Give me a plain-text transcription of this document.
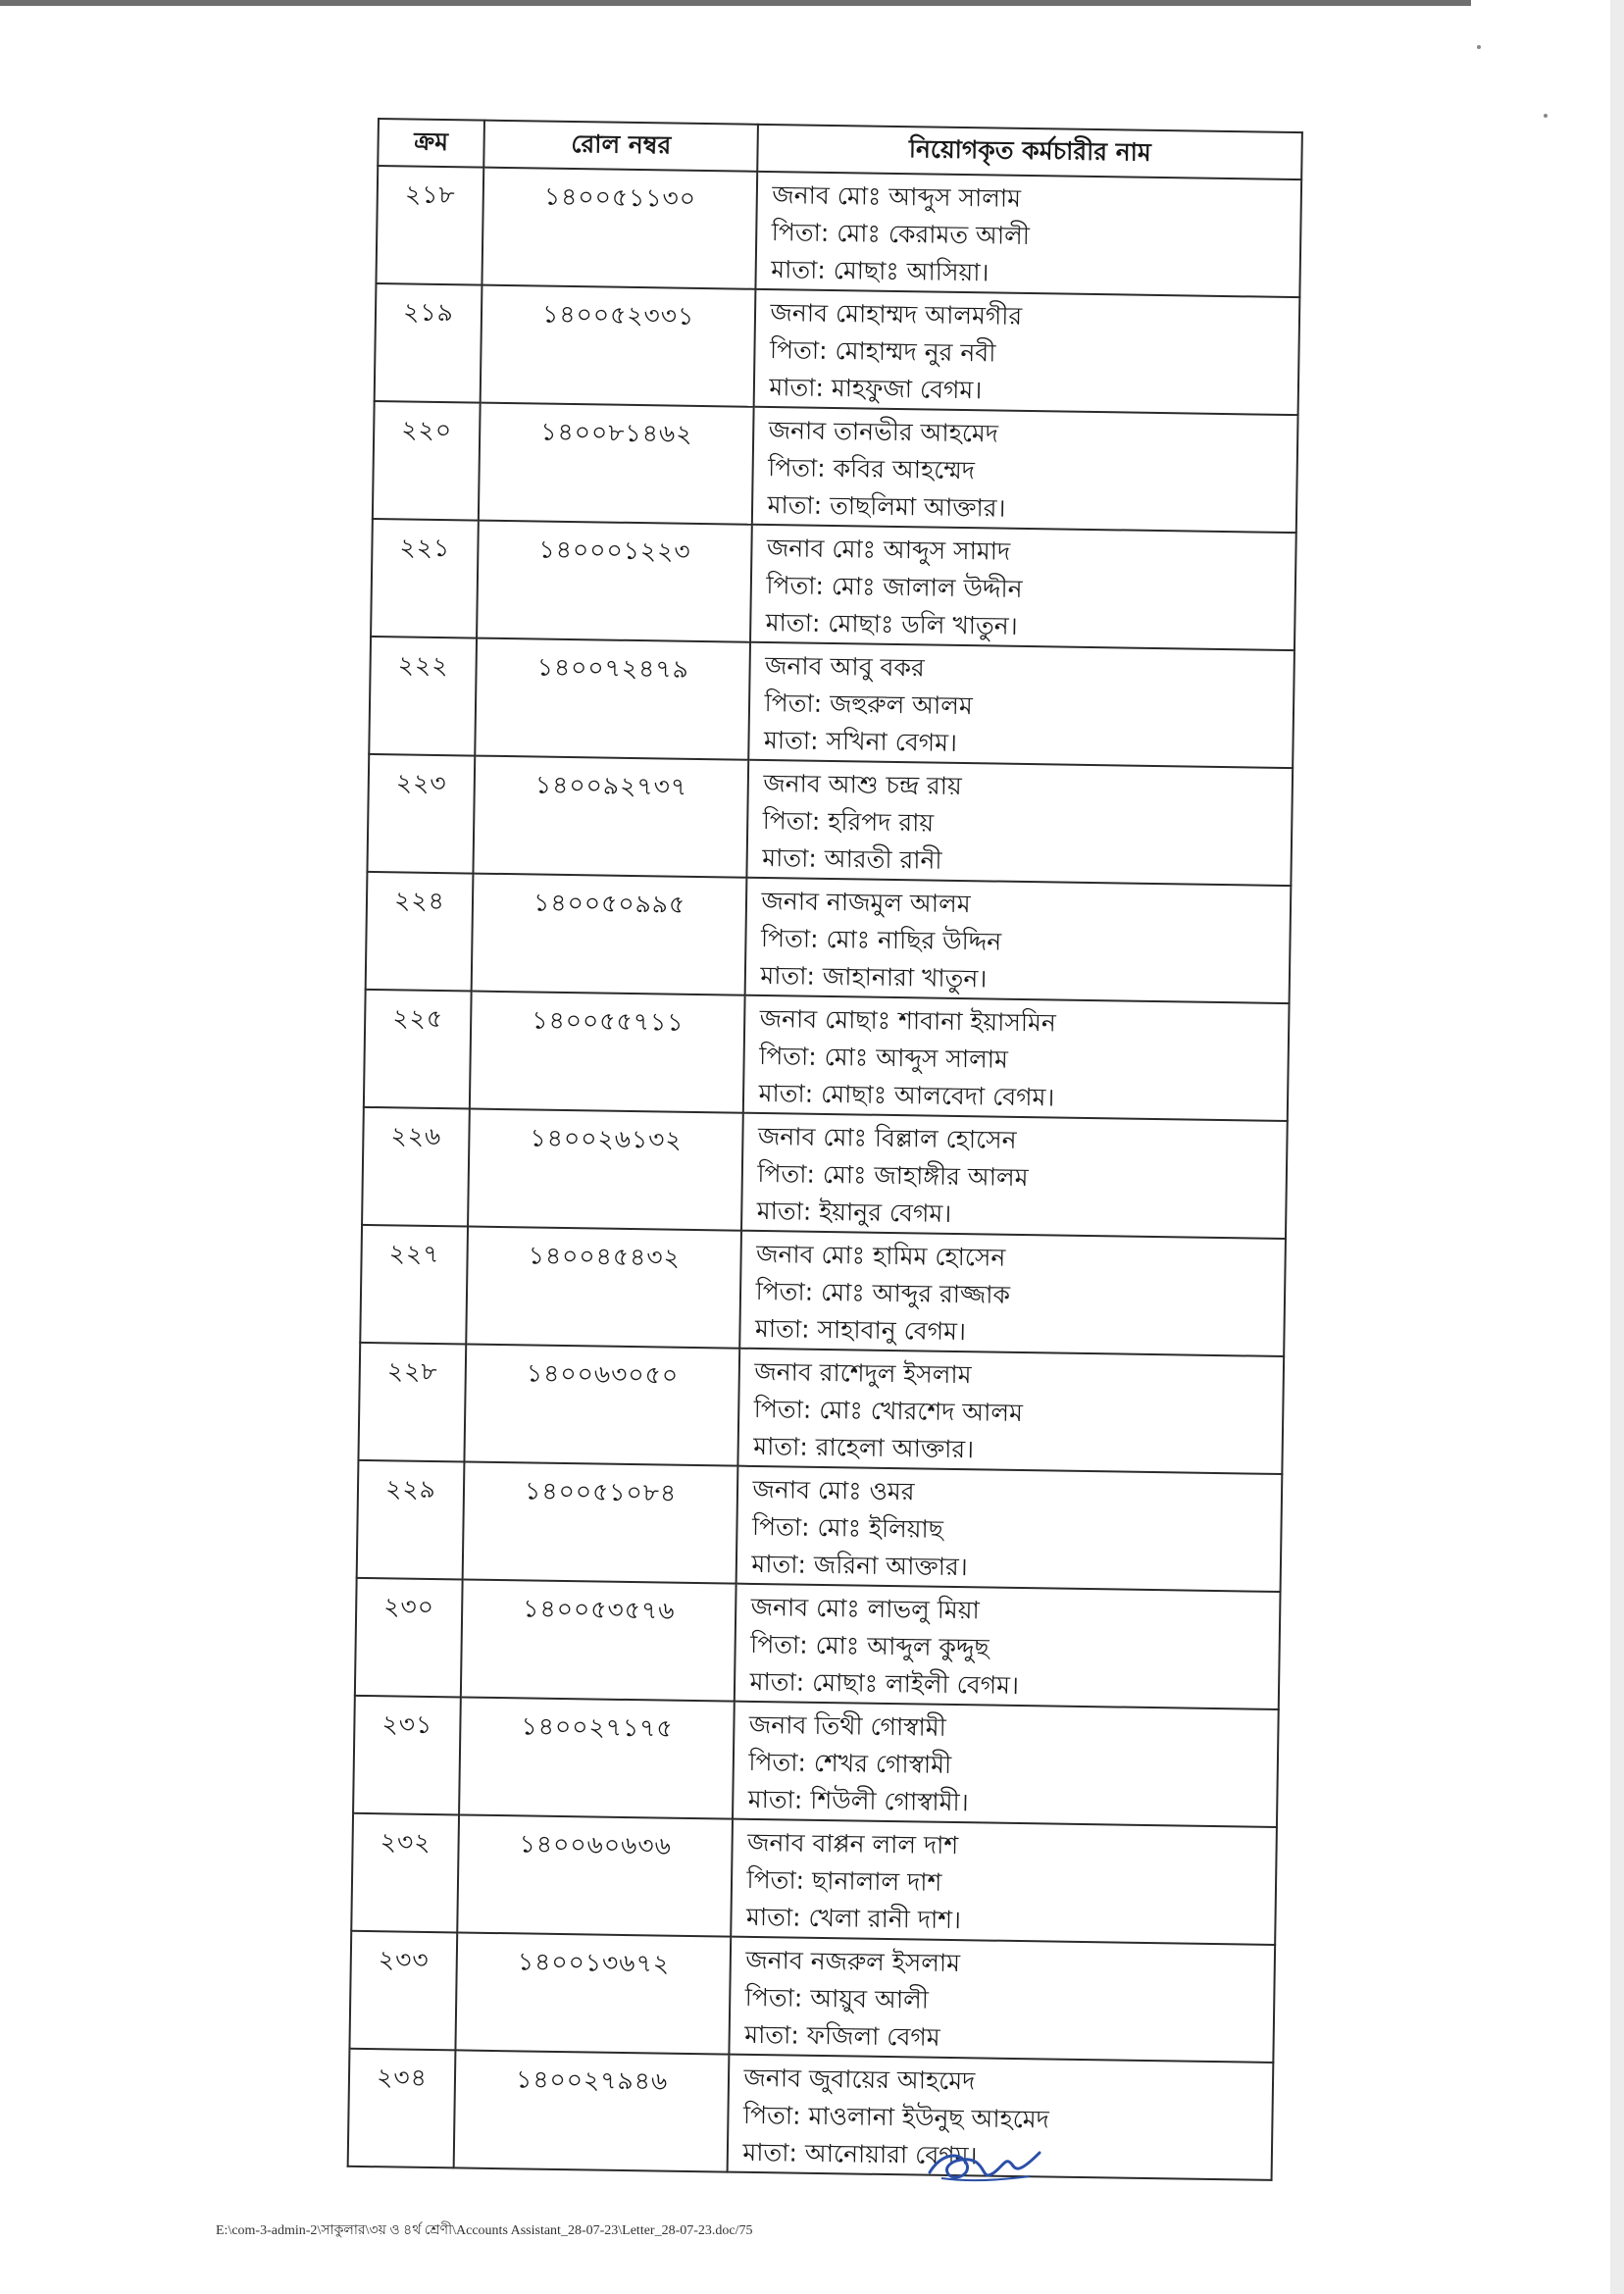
ক্রম	রোল নম্বর	নিয়োগকৃত কর্মচারীর নাম

২১৮	১৪০০৫১১৩০	জনাব মোঃ আব্দুস সালাম
পিতা: মোঃ কেরামত আলী
মাতা: মোছাঃ আসিয়া।

২১৯	১৪০০৫২৩৩১	জনাব মোহাম্মদ আলমগীর
পিতা: মোহাম্মদ নুর নবী
মাতা: মাহফুজা বেগম।

২২০	১৪০০৮১৪৬২	জনাব তানভীর আহমেদ
পিতা: কবির আহম্মেদ
মাতা: তাছলিমা আক্তার।

২২১	১৪০০০১২২৩	জনাব মোঃ আব্দুস সামাদ
পিতা: মোঃ জালাল উদ্দীন
মাতা: মোছাঃ ডলি খাতুন।

২২২	১৪০০৭২৪৭৯	জনাব আবু বকর
পিতা: জহুরুল আলম
মাতা: সখিনা বেগম।

২২৩	১৪০০৯২৭৩৭	জনাব আশু চন্দ্র রায়
পিতা: হরিপদ রায়
মাতা: আরতী রানী

২২৪	১৪০০৫০৯৯৫	জনাব নাজমুল আলম
পিতা: মোঃ নাছির উদ্দিন
মাতা: জাহানারা খাতুন।

২২৫	১৪০০৫৫৭১১	জনাব মোছাঃ শাবানা ইয়াসমিন
পিতা: মোঃ আব্দুস সালাম
মাতা: মোছাঃ আলবেদা বেগম।

২২৬	১৪০০২৬১৩২	জনাব মোঃ বিল্লাল হোসেন
পিতা: মোঃ জাহাঙ্গীর আলম
মাতা: ইয়ানুর বেগম।

২২৭	১৪০০৪৫৪৩২	জনাব মোঃ হামিম হোসেন
পিতা: মোঃ আব্দুর রাজ্জাক
মাতা: সাহাবানু বেগম।

২২৮	১৪০০৬৩০৫০	জনাব রাশেদুল ইসলাম
পিতা: মোঃ খোরশেদ আলম
মাতা: রাহেলা আক্তার।

২২৯	১৪০০৫১০৮৪	জনাব মোঃ ওমর
পিতা: মোঃ ইলিয়াছ
মাতা: জরিনা আক্তার।

২৩০	১৪০০৫৩৫৭৬	জনাব মোঃ লাভলু মিয়া
পিতা: মোঃ আব্দুল কুদ্দুছ
মাতা: মোছাঃ লাইলী বেগম।

২৩১	১৪০০২৭১৭৫	জনাব তিথী গোস্বামী
পিতা: শেখর গোস্বামী
মাতা: শিউলী গোস্বামী।

২৩২	১৪০০৬০৬৩৬	জনাব বাপ্পন লাল দাশ
পিতা: ছানালাল দাশ
মাতা: খেলা রানী দাশ।

২৩৩	১৪০০১৩৬৭২	জনাব নজরুল ইসলাম
পিতা: আয়ুব আলী
মাতা: ফজিলা বেগম

২৩৪	১৪০০২৭৯৪৬	জনাব জুবায়ের আহমেদ
পিতা: মাওলানা ইউনুছ আহমেদ
মাতা: আনোয়ারা বেগম।
E:\com-3-admin-2\সাকুলার\৩য় ও ৪র্থ শ্রেণী\Accounts Assistant_28-07-23\Letter_28-07-23.doc/75
